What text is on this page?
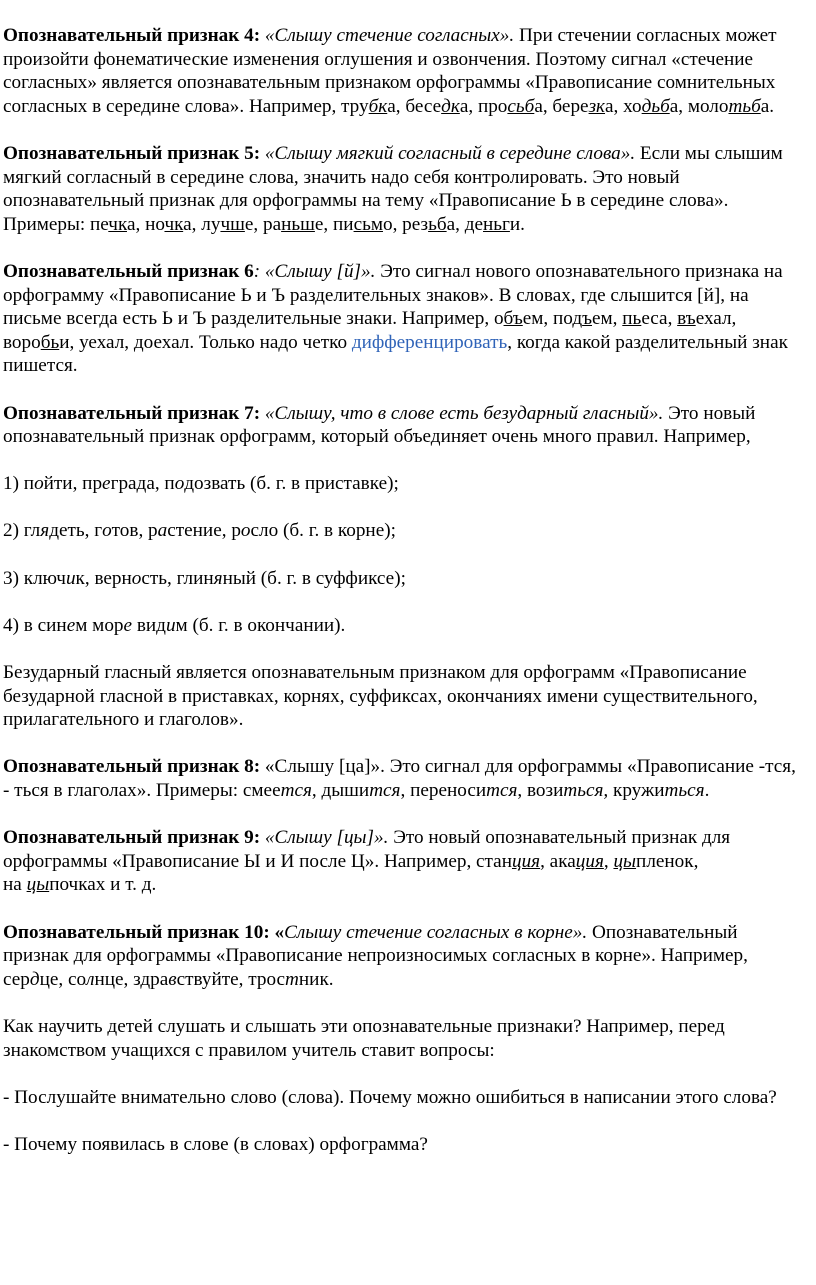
Опознавательный признак 4: «Слышу стечение согласных». При стечении согласных может произойти фонематические изменения оглушения и озвончения. Поэтому сигнал «стечение согласных» является опознавательным признаком орфограммы «Правописание сомнительных согласных в середине слова». Например, трубка, беседка, просьба, березка, ходьба, молотьба.

Опознавательный признак 5: «Слышу мягкий согласный в середине слова». Если мы слышим мягкий согласный в середине слова, значить надо себя контролировать. Это новый опознавательный признак для орфограммы на тему «Правописание Ь в середине слова». Примеры: печка, ночка, лучше, раньше, письмо, резьба, деньги.

Опознавательный признак 6: «Слышу [й]». Это сигнал нового опознавательного признака на орфограмму «Правописание Ь и Ъ разделительных знаков». В словах, где слышится [й], на письме всегда есть Ь и Ъ разделительные знаки. Например, объем, подъем, пьеса, въехал, воробьи, уехал, доехал. Только надо четко дифференцировать, когда какой разделительный знак пишется.

Опознавательный признак 7: «Слышу, что в слове есть безударный гласный». Это новый опознавательный признак орфограмм, который объединяет очень много правил. Например,

1) пойти, преграда, подозвать (б. г. в приставке);

2) глядеть, готов, растение, росло (б. г. в корне);

3) ключик, верность, глиняный (б. г. в суффиксе);

4) в синем море видим (б. г. в окончании).

Безударный гласный является опознавательным признаком для орфограмм «Правописание безударной гласной в приставках, корнях, суффиксах, окончаниях имени существительного, прилагательного и глаголов».

Опознавательный признак 8: «Слышу [ца]». Это сигнал для орфограммы «Правописание -тся, - ться в глаголах». Примеры: смеется, дышится, переносится, возиться, кружиться.

Опознавательный признак 9: «Слышу [цы]». Это новый опознавательный признак для орфограммы «Правописание Ы и И после Ц». Например, станция, акация, цыпленок,
на цыпочках и т. д.

Опознавательный признак 10: «Слышу стечение согласных в корне». Опознавательный признак для орфограммы «Правописание непроизносимых согласных в корне». Например, сердце, солнце, здравствуйте, тростник.

Как научить детей слушать и слышать эти опознавательные признаки? Например, перед знакомством учащихся с правилом учитель ставит вопросы:

- Послушайте внимательно слово (слова). Почему можно ошибиться в написании этого слова?

- Почему появилась в слове (в словах) орфограмма?
